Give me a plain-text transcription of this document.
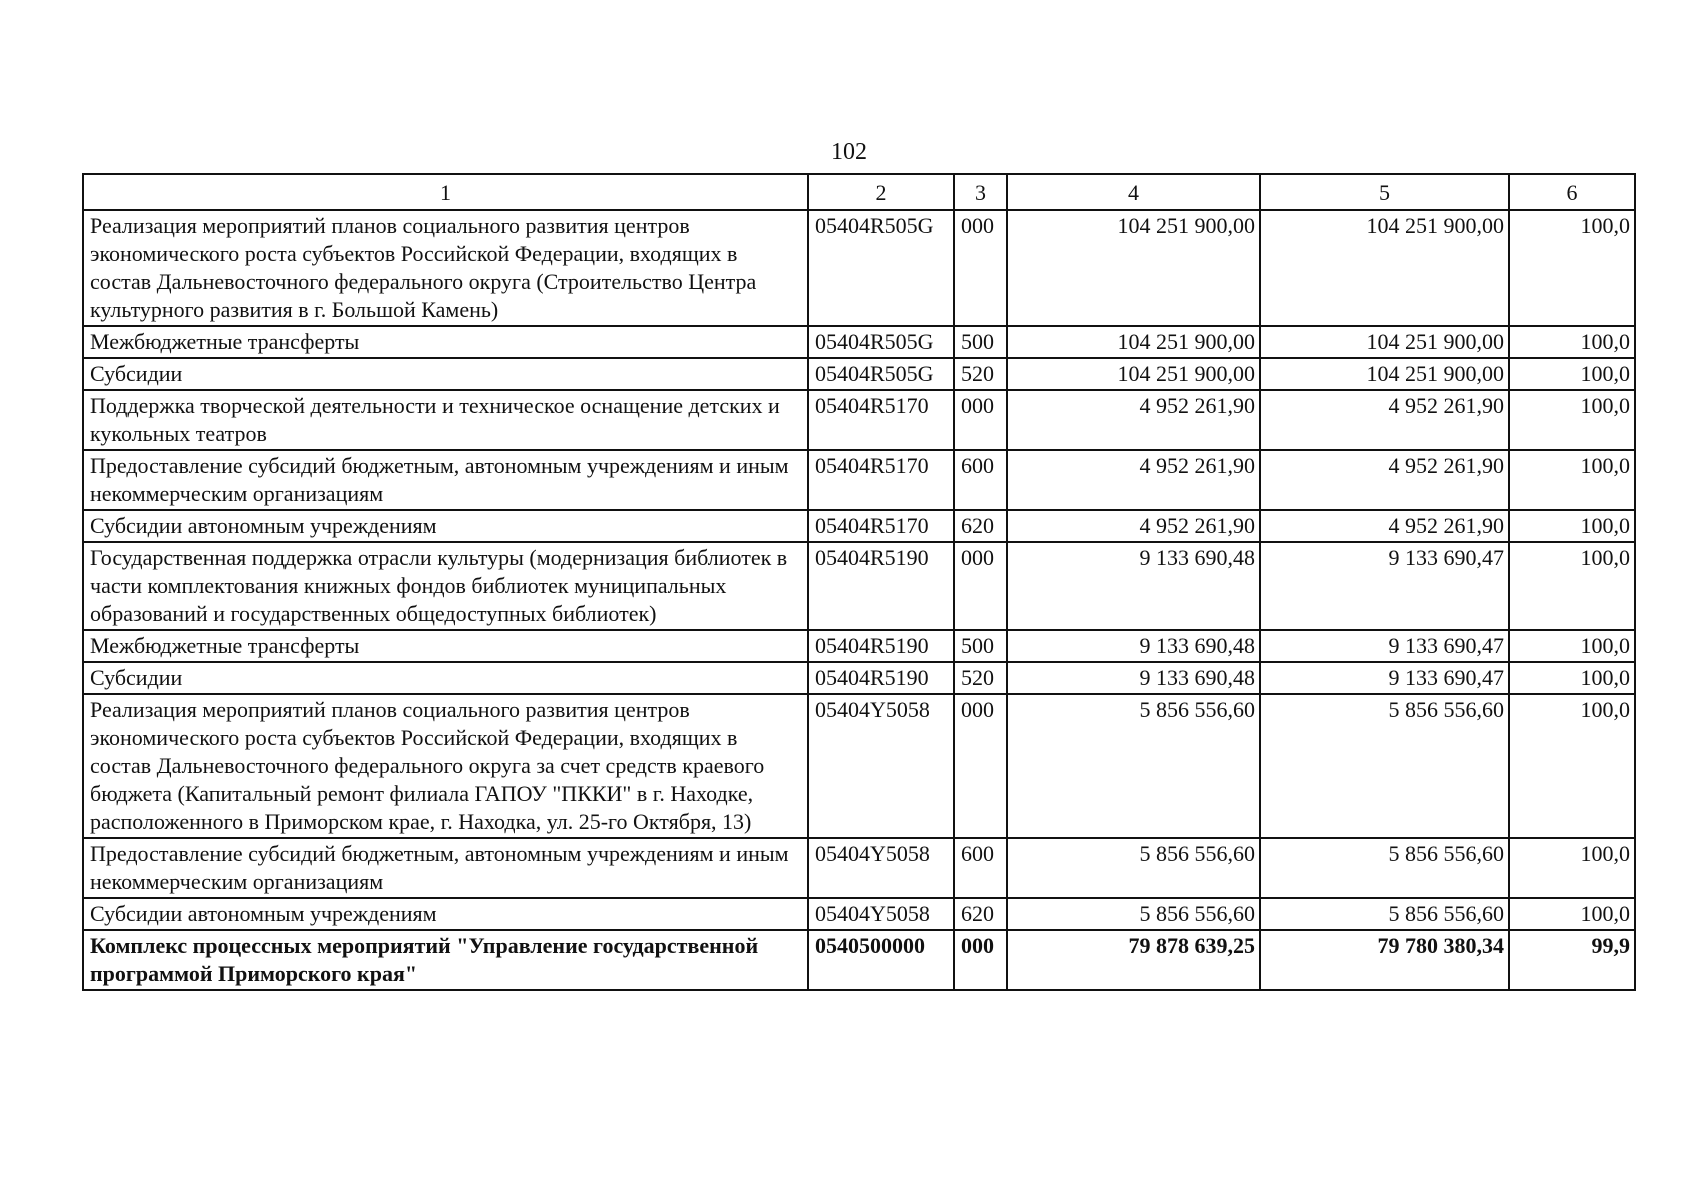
102
1	2	3	4	5	6
Реализация мероприятий планов социального развития центров экономического роста субъектов Российской Федерации, входящих в состав Дальневосточного федерального округа (Строительство Центра культурного развития в г. Большой Камень)	05404R505G	000	104 251 900,00	104 251 900,00	100,0
Межбюджетные трансферты	05404R505G	500	104 251 900,00	104 251 900,00	100,0
Субсидии	05404R505G	520	104 251 900,00	104 251 900,00	100,0
Поддержка творческой деятельности и техническое оснащение детских и кукольных театров	05404R5170	000	4 952 261,90	4 952 261,90	100,0
Предоставление субсидий бюджетным, автономным учреждениям и иным некоммерческим организациям	05404R5170	600	4 952 261,90	4 952 261,90	100,0
Субсидии автономным учреждениям	05404R5170	620	4 952 261,90	4 952 261,90	100,0
Государственная поддержка отрасли культуры (модернизация библиотек в части комплектования книжных фондов библиотек муниципальных образований и государственных общедоступных библиотек)	05404R5190	000	9 133 690,48	9 133 690,47	100,0
Межбюджетные трансферты	05404R5190	500	9 133 690,48	9 133 690,47	100,0
Субсидии	05404R5190	520	9 133 690,48	9 133 690,47	100,0
Реализация мероприятий планов социального развития центров экономического роста субъектов Российской Федерации, входящих в состав Дальневосточного федерального округа за счет средств краевого бюджета (Капитальный ремонт филиала ГАПОУ "ПККИ" в г. Находке, расположенного в Приморском крае, г. Находка, ул. 25-го Октября, 13)	05404Y5058	000	5 856 556,60	5 856 556,60	100,0
Предоставление субсидий бюджетным, автономным учреждениям и иным некоммерческим организациям	05404Y5058	600	5 856 556,60	5 856 556,60	100,0
Субсидии автономным учреждениям	05404Y5058	620	5 856 556,60	5 856 556,60	100,0
Комплекс процессных мероприятий "Управление государственной программой Приморского края"	0540500000	000	79 878 639,25	79 780 380,34	99,9
